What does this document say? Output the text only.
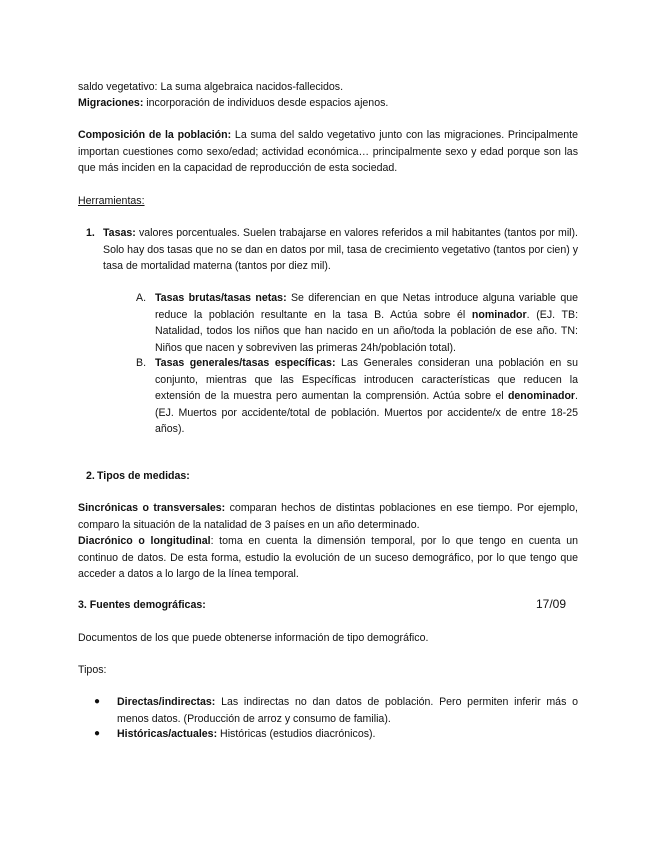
saldo vegetativo: La suma algebraica nacidos-fallecidos.

Migraciones: incorporación de individuos desde espacios ajenos.

Composición de la población: La suma del saldo vegetativo junto con las migraciones. Principalmente importan cuestiones como sexo/edad; actividad económica… principalmente sexo y edad porque son las que más inciden en la capacidad de reproducción de esta sociedad.

Herramientas:

1. Tasas: valores porcentuales. Suelen trabajarse en valores referidos a mil habitantes (tantos por mil). Solo hay dos tasas que no se dan en datos por mil, tasa de crecimiento vegetativo (tantos por cien) y tasa de mortalidad materna (tantos por diez mil).

A. Tasas brutas/tasas netas: Se diferencian en que Netas introduce alguna variable que reduce la población resultante en la tasa B. Actúa sobre él nominador. (EJ. TB: Natalidad, todos los niños que han nacido en un año/toda la población de ese año. TN: Niños que nacen y sobreviven las primeras 24h/población total).

B. Tasas generales/tasas específicas: Las Generales consideran una población en su conjunto, mientras que las Específicas introducen características que reducen la extensión de la muestra pero aumentan la comprensión. Actúa sobre el denominador. (EJ. Muertos por accidente/total de población. Muertos por accidente/x de entre 18-25 años).

2. Tipos de medidas:

Sincrónicas o transversales: comparan hechos de distintas poblaciones en ese tiempo. Por ejemplo, comparo la situación de la natalidad de 3 países en un año determinado.

Diacrónico o longitudinal: toma en cuenta la dimensión temporal, por lo que tengo en cuenta un continuo de datos. De esta forma, estudio la evolución de un suceso demográfico, por lo que tengo que acceder a datos a lo largo de la línea temporal.

3. Fuentes demográficas:	17/09

Documentos de los que puede obtenerse información de tipo demográfico.

Tipos:

● Directas/indirectas: Las indirectas no dan datos de población. Pero permiten inferir más o menos datos. (Producción de arroz y consumo de familia).

● Históricas/actuales: Históricas (estudios diacrónicos).
